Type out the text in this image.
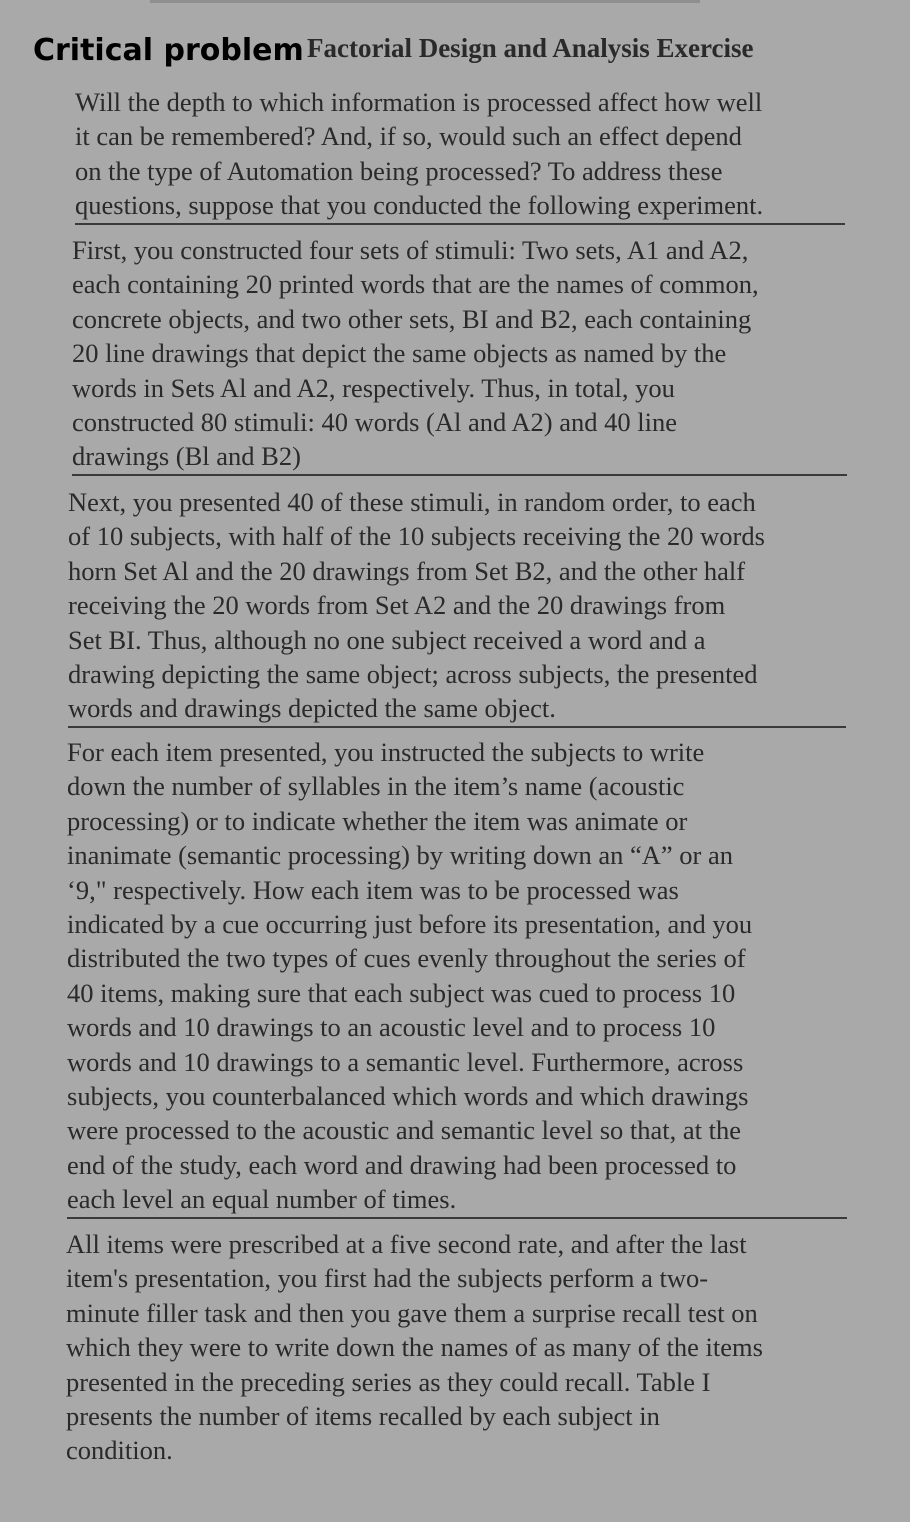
Factorial Design and Analysis Exercise
Critical problem

Will the depth to which information is processed affect how well
it can be remembered? And, if so, would such an effect depend
on the type of Automation being processed? To address these
questions, suppose that you conducted the following experiment.

First, you constructed four sets of stimuli: Two sets, A1 and A2,
each containing 20 printed words that are the names of common,
concrete objects, and two other sets, BI and B2, each containing
20 line drawings that depict the same objects as named by the
words in Sets Al and A2, respectively. Thus, in total, you
constructed 80 stimuli: 40 words (Al and A2) and 40 line
drawings (Bl and B2)

Next, you presented 40 of these stimuli, in random order, to each
of 10 subjects, with half of the 10 subjects receiving the 20 words
horn Set Al and the 20 drawings from Set B2, and the other half
receiving the 20 words from Set A2 and the 20 drawings from
Set BI. Thus, although no one subject received a word and a
drawing depicting the same object; across subjects, the presented
words and drawings depicted the same object.

For each item presented, you instructed the subjects to write
down the number of syllables in the item’s name (acoustic
processing) or to indicate whether the item was animate or
inanimate (semantic processing) by writing down an “A” or an
‘9," respectively. How each item was to be processed was
indicated by a cue occurring just before its presentation, and you
distributed the two types of cues evenly throughout the series of
40 items, making sure that each subject was cued to process 10
words and 10 drawings to an acoustic level and to process 10
words and 10 drawings to a semantic level. Furthermore, across
subjects, you counterbalanced which words and which drawings
were processed to the acoustic and semantic level so that, at the
end of the study, each word and drawing had been processed to
each level an equal number of times.

All items were prescribed at a five second rate, and after the last
item's presentation, you first had the subjects perform a two-
minute filler task and then you gave them a surprise recall test on
which they were to write down the names of as many of the items
presented in the preceding series as they could recall. Table I
presents the number of items recalled by each subject in
condition.
